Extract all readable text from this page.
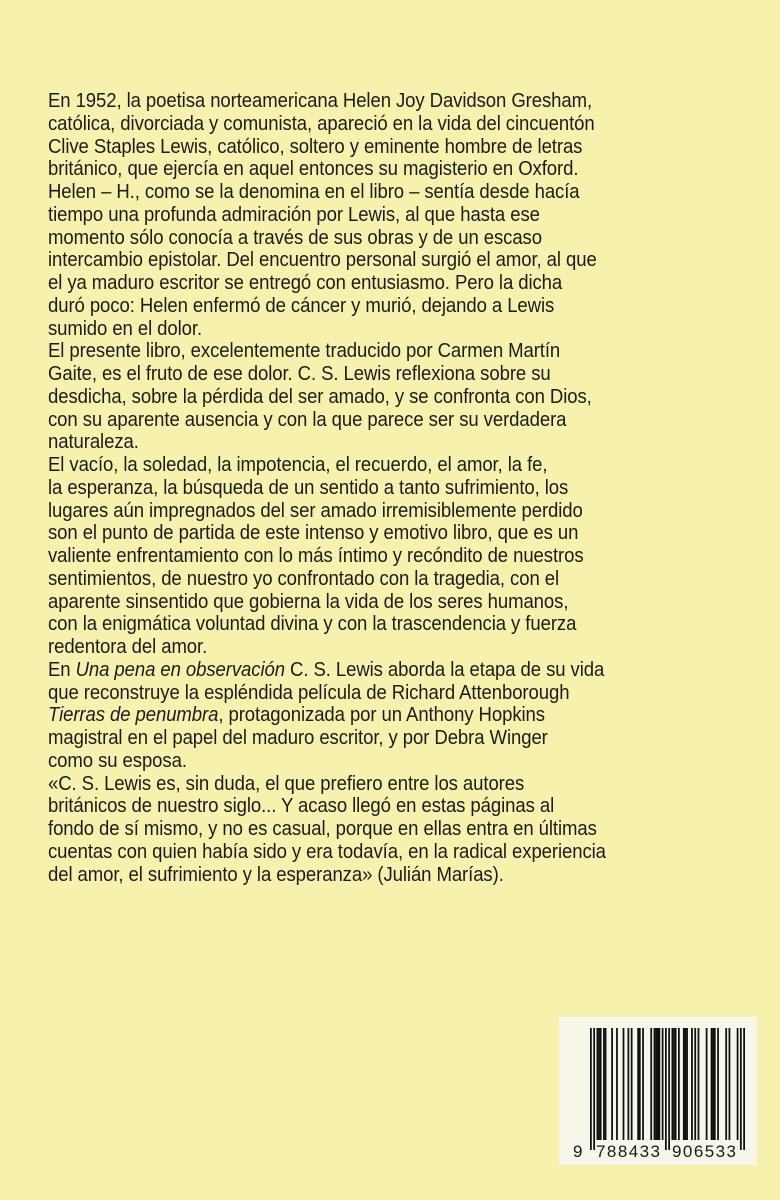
En 1952, la poetisa norteamericana Helen Joy Davidson Gresham,
católica, divorciada y comunista, apareció en la vida del cincuentón
Clive Staples Lewis, católico, soltero y eminente hombre de letras
británico, que ejercía en aquel entonces su magisterio en Oxford.
Helen – H., como se la denomina en el libro – sentía desde hacía
tiempo una profunda admiración por Lewis, al que hasta ese
momento sólo conocía a través de sus obras y de un escaso
intercambio epistolar. Del encuentro personal surgió el amor, al que
el ya maduro escritor se entregó con entusiasmo. Pero la dicha
duró poco: Helen enfermó de cáncer y murió, dejando a Lewis
sumido en el dolor.
El presente libro, excelentemente traducido por Carmen Martín
Gaite, es el fruto de ese dolor. C. S. Lewis reflexiona sobre su
desdicha, sobre la pérdida del ser amado, y se confronta con Dios,
con su aparente ausencia y con la que parece ser su verdadera
naturaleza.
El vacío, la soledad, la impotencia, el recuerdo, el amor, la fe,
la esperanza, la búsqueda de un sentido a tanto sufrimiento, los
lugares aún impregnados del ser amado irremisiblemente perdido
son el punto de partida de este intenso y emotivo libro, que es un
valiente enfrentamiento con lo más íntimo y recóndito de nuestros
sentimientos, de nuestro yo confrontado con la tragedia, con el
aparente sinsentido que gobierna la vida de los seres humanos,
con la enigmática voluntad divina y con la trascendencia y fuerza
redentora del amor.
En Una pena en observación C. S. Lewis aborda la etapa de su vida
que reconstruye la espléndida película de Richard Attenborough
Tierras de penumbra, protagonizada por un Anthony Hopkins
magistral en el papel del maduro escritor, y por Debra Winger
como su esposa.
«C. S. Lewis es, sin duda, el que prefiero entre los autores
británicos de nuestro siglo... Y acaso llegó en estas páginas al
fondo de sí mismo, y no es casual, porque en ellas entra en últimas
cuentas con quien había sido y era todavía, en la radical experiencia
del amor, el sufrimiento y la esperanza» (Julián Marías).
9 788433 906533
